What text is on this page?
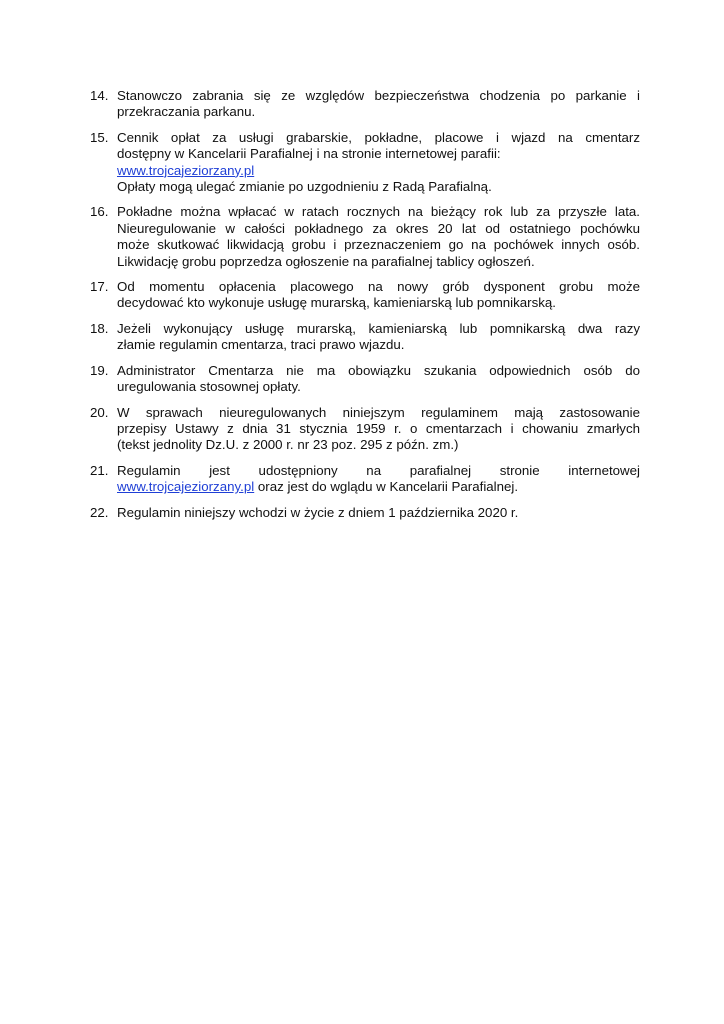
14. Stanowczo zabrania się ze względów bezpieczeństwa chodzenia po parkanie i
przekraczania parkanu.
15. Cennik opłat za usługi grabarskie, pokładne, placowe i wjazd na cmentarz
dostępny w Kancelarii Parafialnej i na stronie internetowej parafii:
www.trojcajeziorzany.pl
Opłaty mogą ulegać zmianie po uzgodnieniu z Radą Parafialną.
16. Pokładne można wpłacać w ratach rocznych na bieżący rok lub za przyszłe lata.
Nieuregulowanie w całości pokładnego za okres 20 lat od ostatniego pochówku
może skutkować likwidacją grobu i przeznaczeniem go na pochówek innych osób.
Likwidację grobu poprzedza ogłoszenie na parafialnej tablicy ogłoszeń.
17. Od momentu opłacenia placowego na nowy grób dysponent grobu może
decydować kto wykonuje usługę murarską, kamieniarską lub pomnikarską.
18. Jeżeli wykonujący usługę murarską, kamieniarską lub pomnikarską dwa razy
złamie regulamin cmentarza, traci prawo wjazdu.
19. Administrator Cmentarza nie ma obowiązku szukania odpowiednich osób do
uregulowania stosownej opłaty.
20. W sprawach nieuregulowanych niniejszym regulaminem mają zastosowanie
przepisy Ustawy z dnia 31 stycznia 1959 r. o cmentarzach i chowaniu zmarłych
(tekst jednolity Dz.U. z 2000 r. nr 23 poz. 295 z późn. zm.)
21. Regulamin jest udostępniony na parafialnej stronie internetowej
www.trojcajeziorzany.pl oraz jest do wglądu w Kancelarii Parafialnej.
22. Regulamin niniejszy wchodzi w życie z dniem 1 października 2020 r.
